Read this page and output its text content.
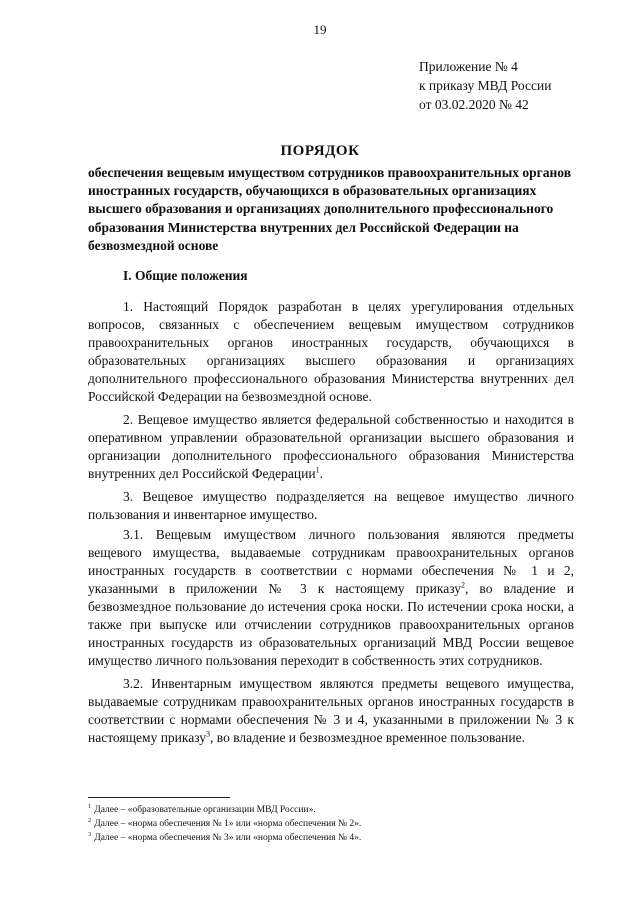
19
Приложение № 4
к приказу МВД России
от 03.02.2020 № 42
ПОРЯДОК
обеспечения вещевым имуществом сотрудников правоохранительных органов иностранных государств, обучающихся в образовательных организациях высшего образования и организациях дополнительного профессионального образования Министерства внутренних дел Российской Федерации на безвозмездной основе
I. Общие положения

1. Настоящий Порядок разработан в целях урегулирования отдельных вопросов, связанных с обеспечением вещевым имуществом сотрудников правоохранительных органов иностранных государств, обучающихся в образовательных организациях высшего образования и организациях дополнительного профессионального образования Министерства внутренних дел Российской Федерации на безвозмездной основе.

2. Вещевое имущество является федеральной собственностью и находится в оперативном управлении образовательной организации высшего образования и организации дополнительного профессионального образования Министерства внутренних дел Российской Федерации$^1$.

3. Вещевое имущество подразделяется на вещевое имущество личного пользования и инвентарное имущество.

3.1. Вещевым имуществом личного пользования являются предметы вещевого имущества, выдаваемые сотрудникам правоохранительных органов иностранных государств в соответствии с нормами обеспечения № 1 и 2, указанными в приложении № 3 к настоящему приказу$^2$, во владение и безвозмездное пользование до истечения срока носки. По истечении срока носки, а также при выпуске или отчислении сотрудников правоохранительных органов иностранных государств из образовательных организаций МВД России вещевое имущество личного пользования переходит в собственность этих сотрудников.

3.2. Инвентарным имуществом являются предметы вещевого имущества, выдаваемые сотрудникам правоохранительных органов иностранных государств в соответствии с нормами обеспечения № 3 и 4, указанными в приложении № 3 к настоящему приказу$^3$, во владение и безвозмездное временное пользование.

$^1$ Далее – «образовательные организации МВД России».
$^2$ Далее – «норма обеспечения № 1» или «норма обеспечения № 2».
$^3$ Далее – «норма обеспечения № 3» или «норма обеспечения № 4».
